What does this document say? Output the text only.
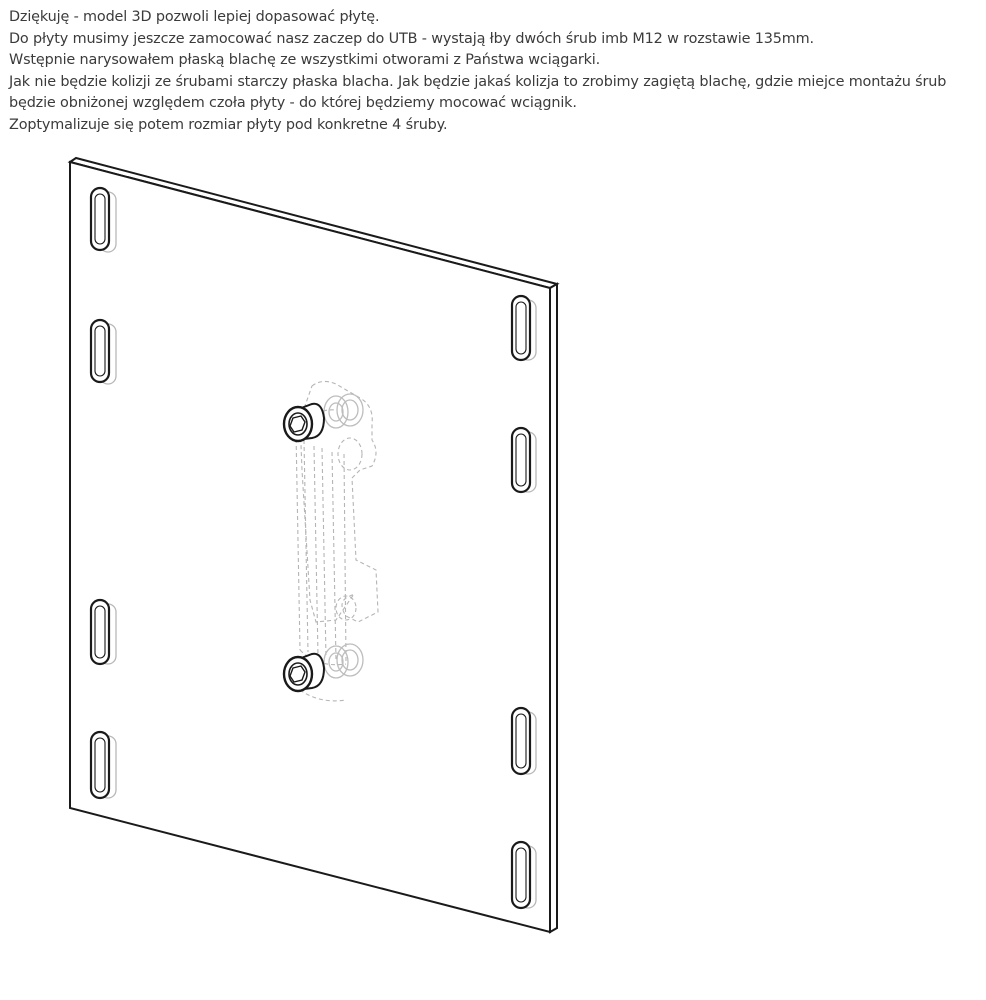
Dziękuję - model 3D pozwoli lepiej dopasować płytę.

Do płyty musimy jeszcze zamocować nasz zaczep do UTB - wystają łby dwóch śrub imb M12 w rozstawie 135mm.

Wstępnie narysowałem płaską blachę ze wszystkimi otworami z Państwa wciągarki.

Jak nie będzie kolizji ze śrubami starczy płaska blacha. Jak będzie jakaś kolizja to zrobimy zagiętą blachę, gdzie miejce montażu śrub będzie obniżonej względem czoła płyty - do której będziemy mocować wciągnik.

Zoptymalizuje się potem rozmiar płyty pod konkretne 4 śruby.
